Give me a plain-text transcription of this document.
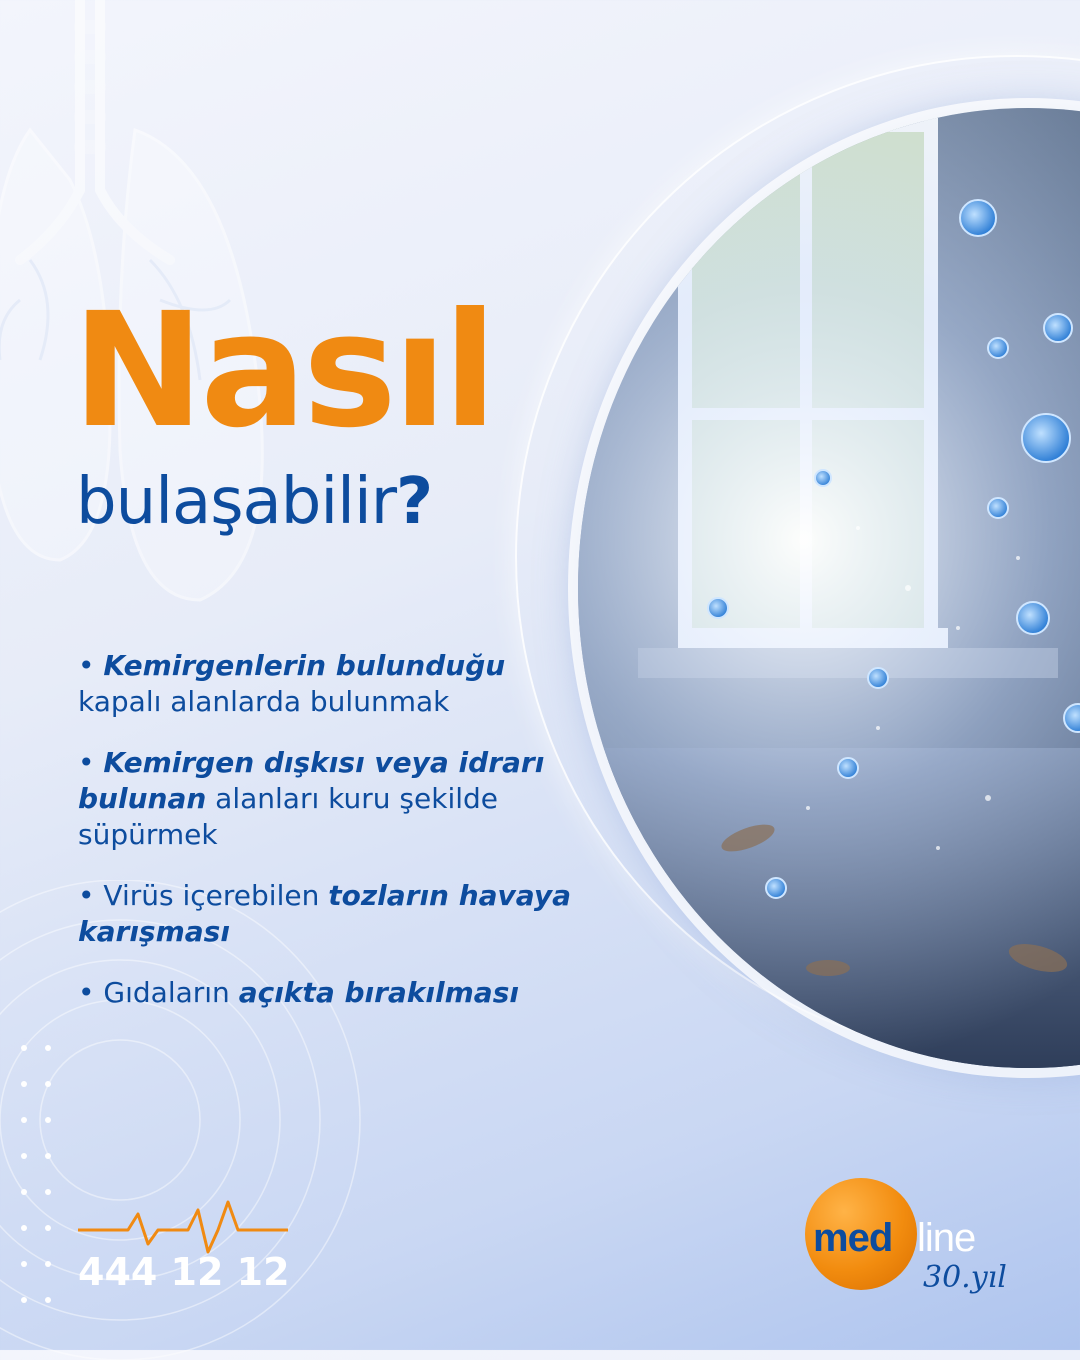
Nasıl
bulaşabilir?
• Kemirgenlerin bulunduğu kapalı alanlarda bulunmak
• Kemirgen dışkısı veya idrarı bulunan alanları kuru şekilde süpürmek
• Virüs içerebilen tozların havaya karışması
• Gıdaların açıkta bırakılması
444 12 12
med line
30.yıl
